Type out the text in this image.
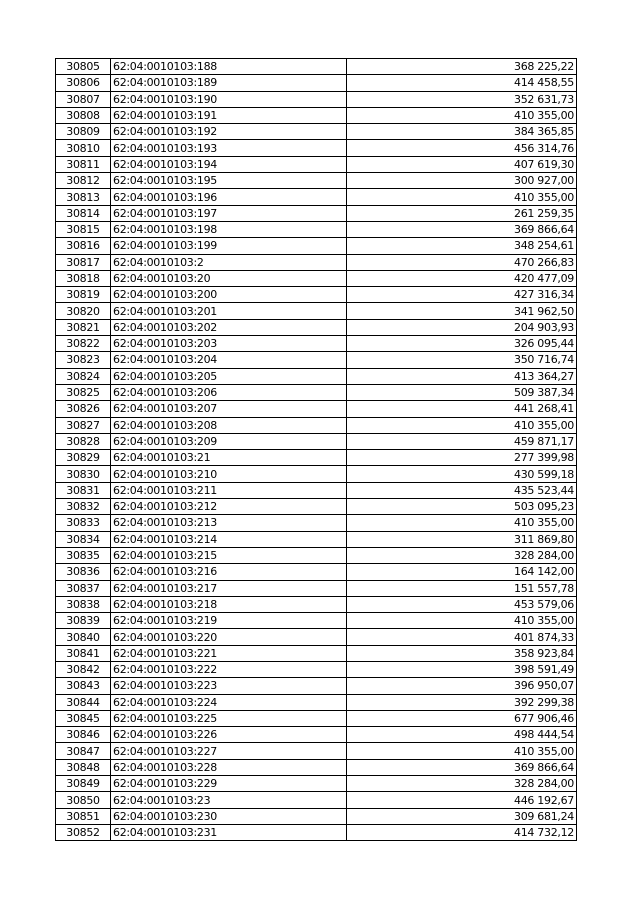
30805	62:04:0010103:188	368 225,22
30806	62:04:0010103:189	414 458,55
30807	62:04:0010103:190	352 631,73
30808	62:04:0010103:191	410 355,00
30809	62:04:0010103:192	384 365,85
30810	62:04:0010103:193	456 314,76
30811	62:04:0010103:194	407 619,30
30812	62:04:0010103:195	300 927,00
30813	62:04:0010103:196	410 355,00
30814	62:04:0010103:197	261 259,35
30815	62:04:0010103:198	369 866,64
30816	62:04:0010103:199	348 254,61
30817	62:04:0010103:2	470 266,83
30818	62:04:0010103:20	420 477,09
30819	62:04:0010103:200	427 316,34
30820	62:04:0010103:201	341 962,50
30821	62:04:0010103:202	204 903,93
30822	62:04:0010103:203	326 095,44
30823	62:04:0010103:204	350 716,74
30824	62:04:0010103:205	413 364,27
30825	62:04:0010103:206	509 387,34
30826	62:04:0010103:207	441 268,41
30827	62:04:0010103:208	410 355,00
30828	62:04:0010103:209	459 871,17
30829	62:04:0010103:21	277 399,98
30830	62:04:0010103:210	430 599,18
30831	62:04:0010103:211	435 523,44
30832	62:04:0010103:212	503 095,23
30833	62:04:0010103:213	410 355,00
30834	62:04:0010103:214	311 869,80
30835	62:04:0010103:215	328 284,00
30836	62:04:0010103:216	164 142,00
30837	62:04:0010103:217	151 557,78
30838	62:04:0010103:218	453 579,06
30839	62:04:0010103:219	410 355,00
30840	62:04:0010103:220	401 874,33
30841	62:04:0010103:221	358 923,84
30842	62:04:0010103:222	398 591,49
30843	62:04:0010103:223	396 950,07
30844	62:04:0010103:224	392 299,38
30845	62:04:0010103:225	677 906,46
30846	62:04:0010103:226	498 444,54
30847	62:04:0010103:227	410 355,00
30848	62:04:0010103:228	369 866,64
30849	62:04:0010103:229	328 284,00
30850	62:04:0010103:23	446 192,67
30851	62:04:0010103:230	309 681,24
30852	62:04:0010103:231	414 732,12
